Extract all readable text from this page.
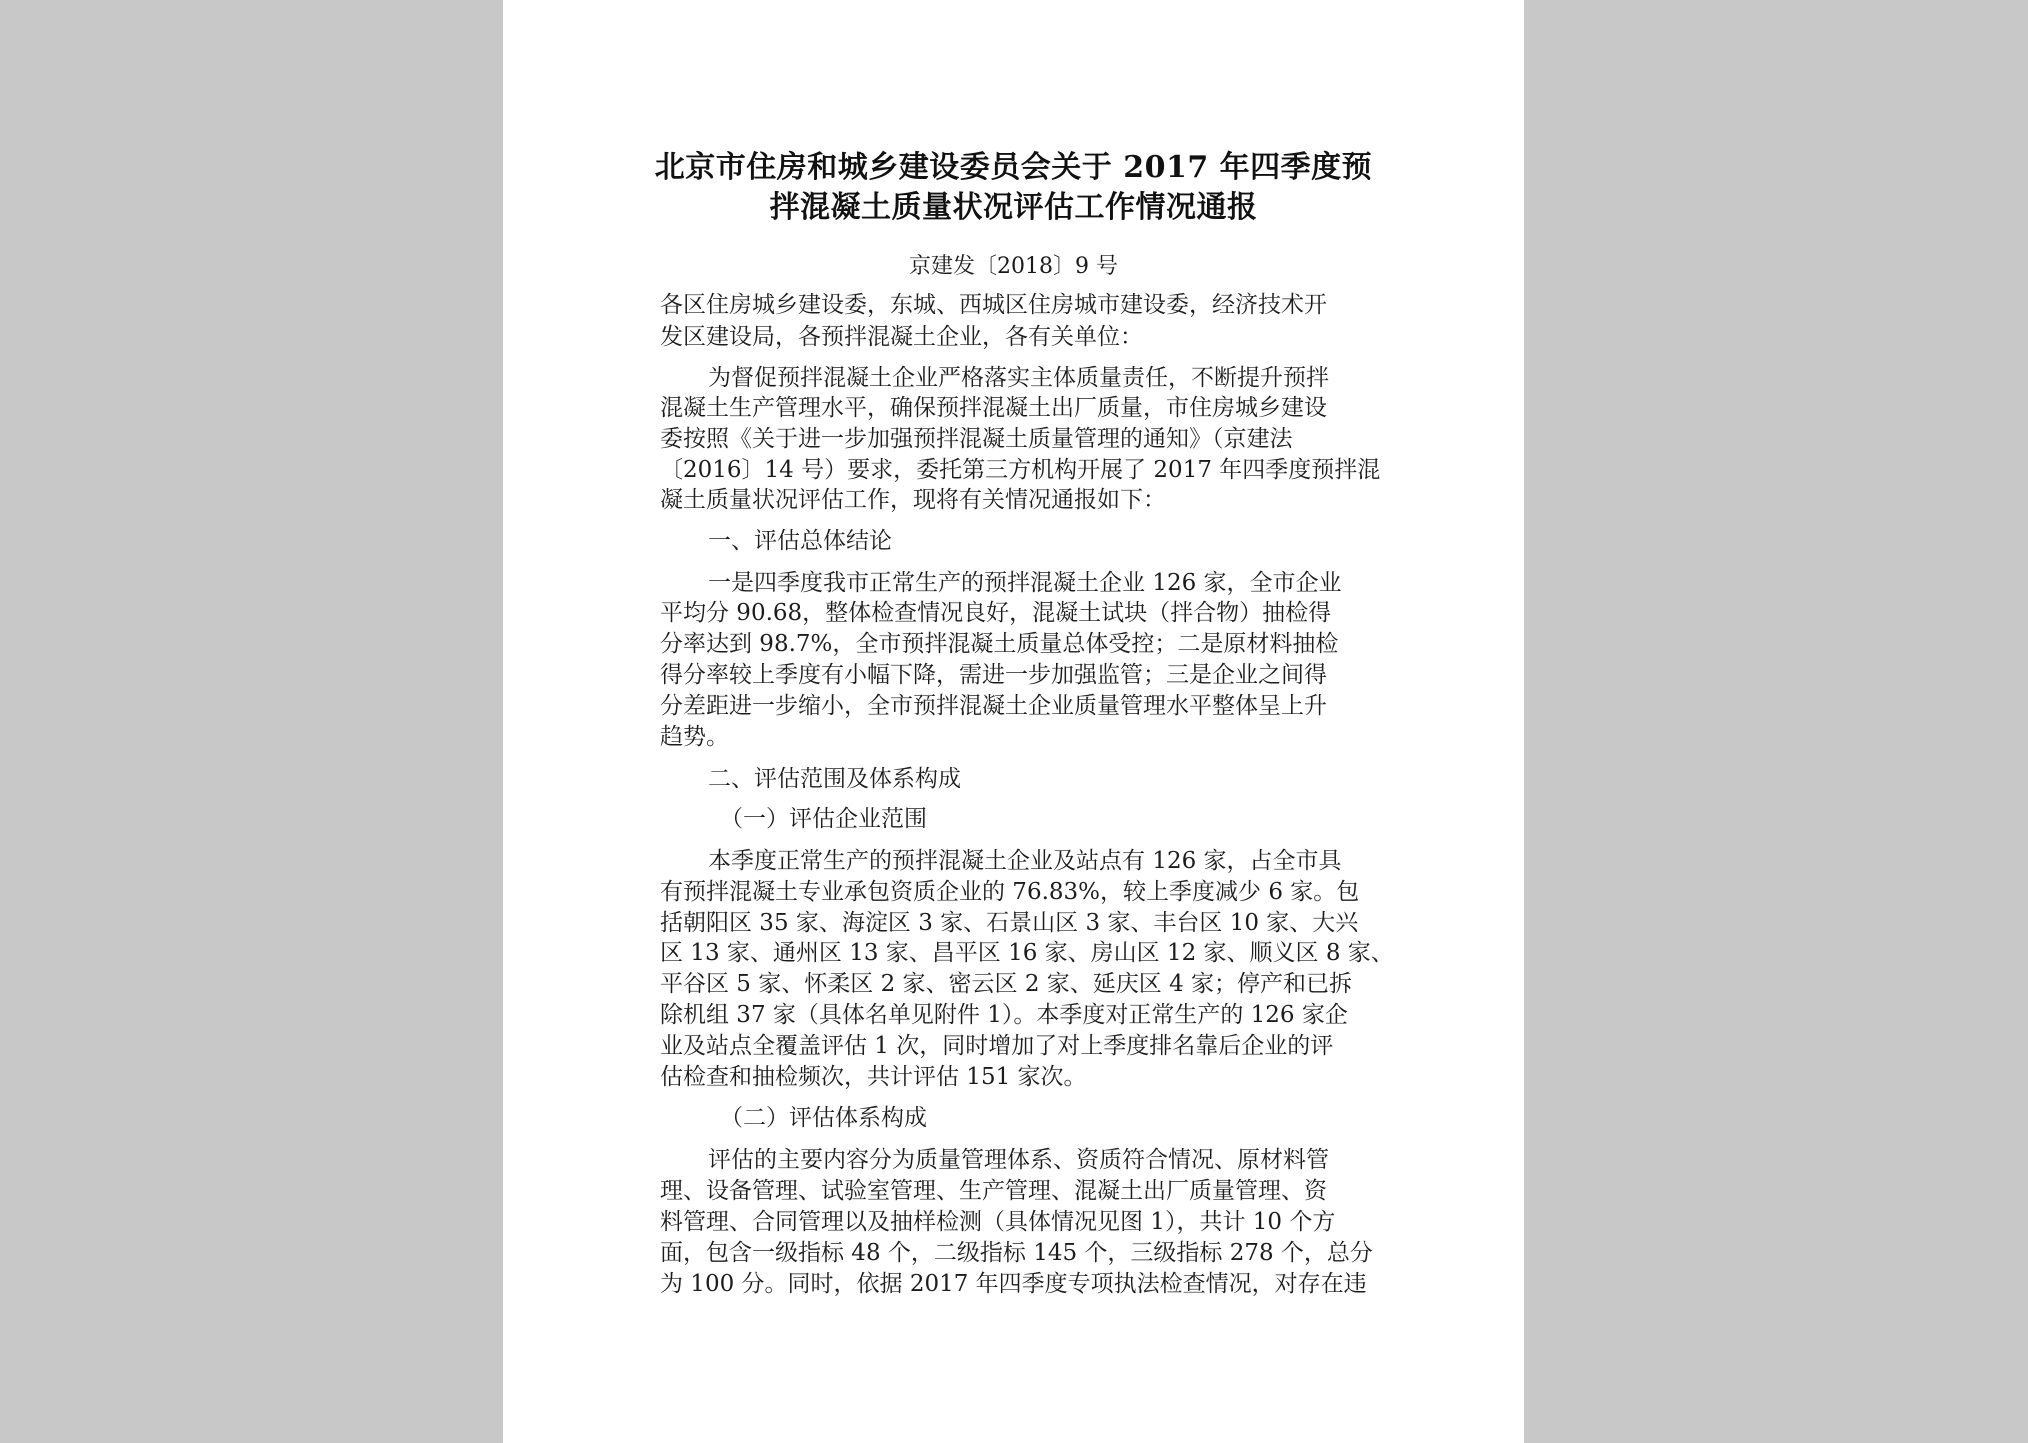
北京市住房和城乡建设委员会关于 2017 年四季度预
拌混凝土质量状况评估工作情况通报
京建发〔2018〕9 号
各区住房城乡建设委，东城、西城区住房城市建设委，经济技术开
发区建设局，各预拌混凝土企业，各有关单位：
为督促预拌混凝土企业严格落实主体质量责任，不断提升预拌
混凝土生产管理水平，确保预拌混凝土出厂质量，市住房城乡建设
委按照《关于进一步加强预拌混凝土质量管理的通知》（京建法
〔2016〕14 号）要求，委托第三方机构开展了 2017 年四季度预拌混
凝土质量状况评估工作，现将有关情况通报如下：
一、评估总体结论
一是四季度我市正常生产的预拌混凝土企业 126 家，全市企业
平均分 90.68，整体检查情况良好，混凝土试块（拌合物）抽检得
分率达到 98.7%，全市预拌混凝土质量总体受控；二是原材料抽检
得分率较上季度有小幅下降，需进一步加强监管；三是企业之间得
分差距进一步缩小，全市预拌混凝土企业质量管理水平整体呈上升
趋势。
二、评估范围及体系构成
（一）评估企业范围
本季度正常生产的预拌混凝土企业及站点有 126 家，占全市具
有预拌混凝土专业承包资质企业的 76.83%，较上季度减少 6 家。包
括朝阳区 35 家、海淀区 3 家、石景山区 3 家、丰台区 10 家、大兴
区 13 家、通州区 13 家、昌平区 16 家、房山区 12 家、顺义区 8 家、
平谷区 5 家、怀柔区 2 家、密云区 2 家、延庆区 4 家；停产和已拆
除机组 37 家（具体名单见附件 1）。本季度对正常生产的 126 家企
业及站点全覆盖评估 1 次，同时增加了对上季度排名靠后企业的评
估检查和抽检频次，共计评估 151 家次。
（二）评估体系构成
评估的主要内容分为质量管理体系、资质符合情况、原材料管
理、设备管理、试验室管理、生产管理、混凝土出厂质量管理、资
料管理、合同管理以及抽样检测（具体情况见图 1），共计 10 个方
面，包含一级指标 48 个，二级指标 145 个，三级指标 278 个，总分
为 100 分。同时，依据 2017 年四季度专项执法检查情况，对存在违
